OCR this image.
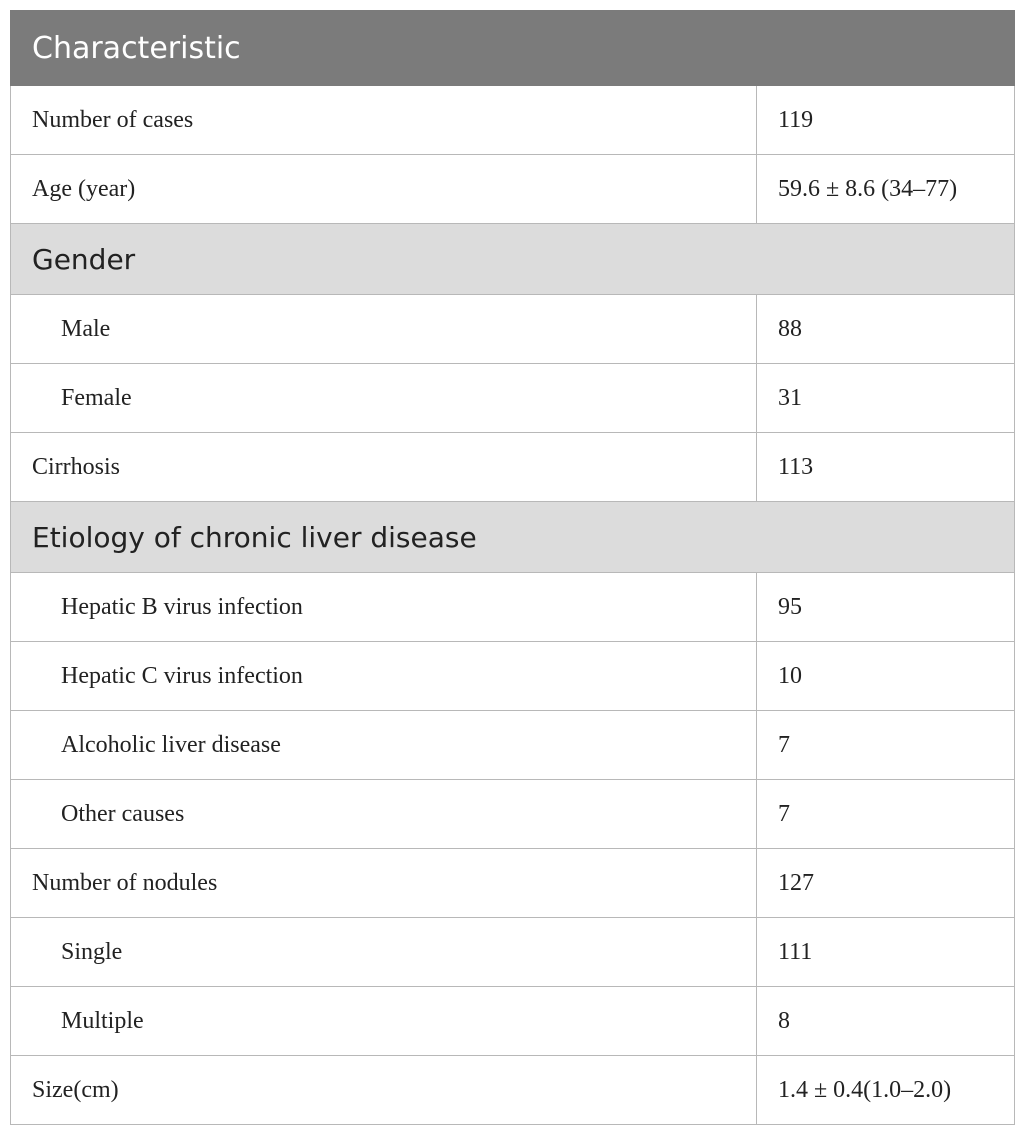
Characteristic	
Number of cases	119
Age (year)	59.6 ± 8.6 (34–77)
Gender	
Male	88
Female	31
Cirrhosis	113
Etiology of chronic liver disease	
Hepatic B virus infection	95
Hepatic C virus infection	10
Alcoholic liver disease	7
Other causes	7
Number of nodules	127
Single	111
Multiple	8
Size(cm)	1.4 ± 0.4(1.0–2.0)
